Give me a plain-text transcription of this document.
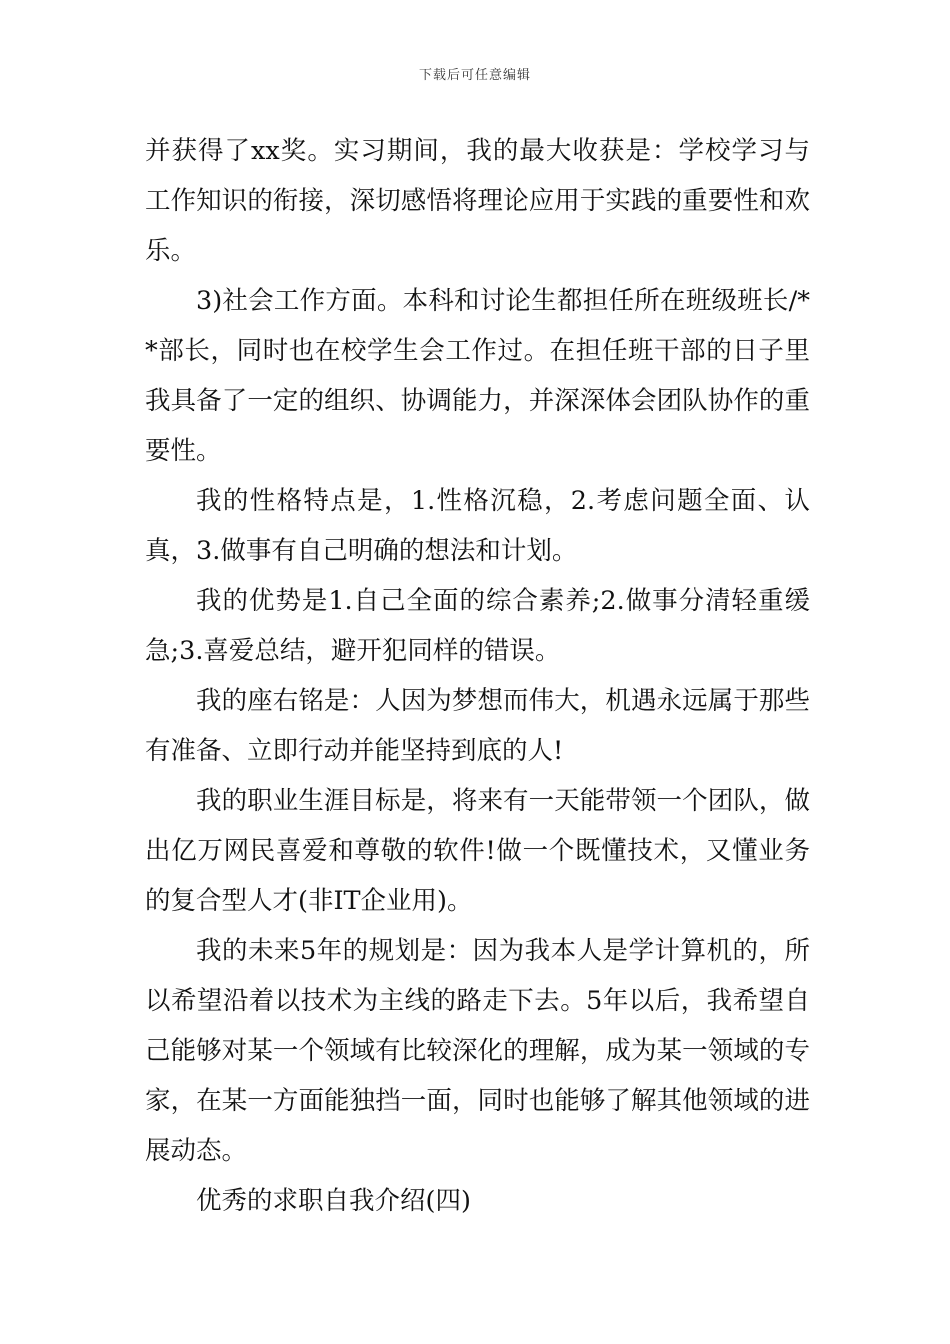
下载后可任意编辑

并获得了xx奖。实习期间，我的最大收获是：学校学习与工作知识的衔接，深切感悟将理论应用于实践的重要性和欢乐。

3)社会工作方面。本科和讨论生都担任所在班级班长/**部长，同时也在校学生会工作过。在担任班干部的日子里我具备了一定的组织、协调能力，并深深体会团队协作的重要性。

我的性格特点是，1.性格沉稳，2.考虑问题全面、认真，3.做事有自己明确的想法和计划。

我的优势是1.自己全面的综合素养;2.做事分清轻重缓急;3.喜爱总结，避开犯同样的错误。

我的座右铭是：人因为梦想而伟大，机遇永远属于那些有准备、立即行动并能坚持到底的人!

我的职业生涯目标是，将来有一天能带领一个团队，做出亿万网民喜爱和尊敬的软件!做一个既懂技术，又懂业务的复合型人才(非IT企业用)。

我的未来5年的规划是：因为我本人是学计算机的，所以希望沿着以技术为主线的路走下去。5年以后，我希望自己能够对某一个领域有比较深化的理解，成为某一领域的专家，在某一方面能独挡一面，同时也能够了解其他领域的进展动态。

优秀的求职自我介绍(四)
